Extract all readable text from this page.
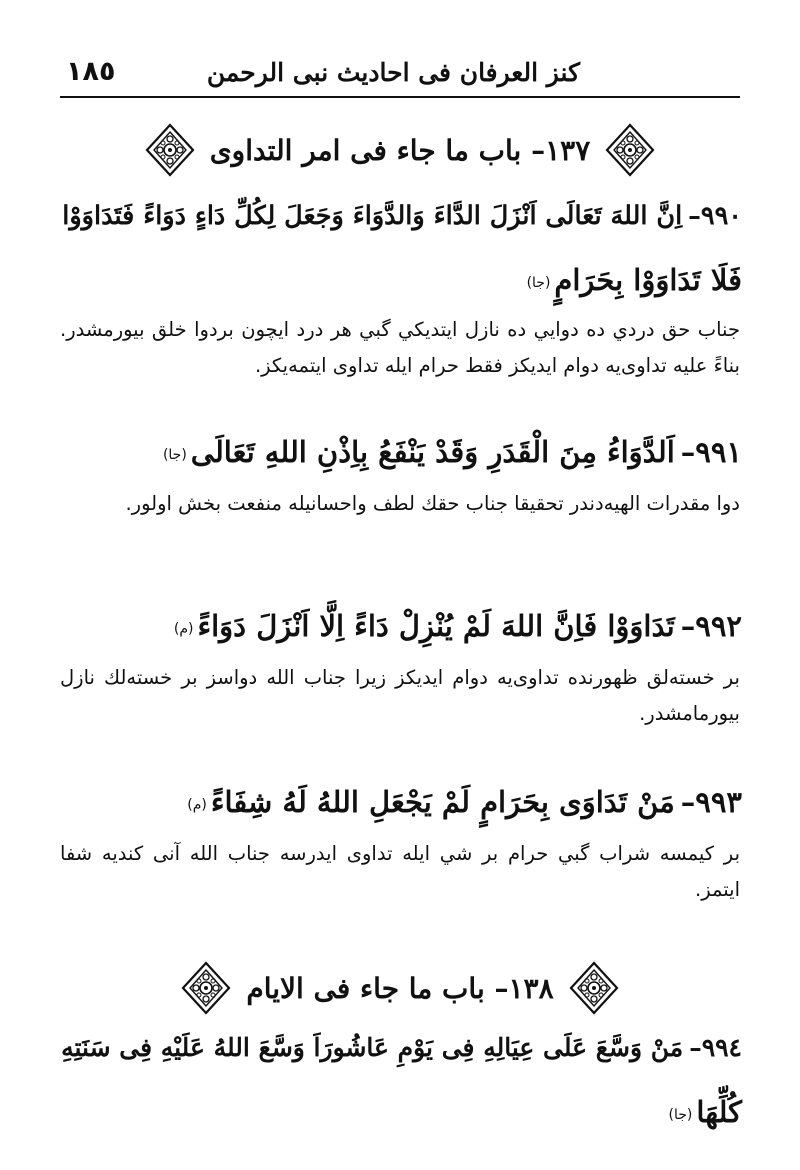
١٨٥	كنز العرفان فى احاديث نبى الرحمن
١٣٧– باب ما جاء فى امر التداوى
٩٩٠–اِنَّ اللهَ تَعَالَى اَنْزَلَ الدَّاءَ وَالدَّوَاءَ وَجَعَلَ لِكُلِّ دَاءٍ دَوَاءً فَتَدَاوَوْا
فَلَا تَدَاوَوْا بِحَرَامٍ(جا)
جناب حق دردي ده دوايي ده نازل ايتديكي گبي هر درد ايچون بردوا خلق بيورمشدر. بناءً عليه تداوى‌يه دوام ايديكز فقط حرام ايله تداوى ايتمه‌يكز.
٩٩١–اَلدَّوَاءُ مِنَ الْقَدَرِ وَقَدْ يَنْفَعُ بِاِذْنِ اللهِ تَعَالَى(جا)
دوا مقدرات الهيه‌دندر تحقيقا جناب حقك لطف واحسانيله منفعت بخش اولور.
٩٩٢–تَدَاوَوْا فَاِنَّ اللهَ لَمْ يُنْزِلْ دَاءً اِلَّا اَنْزَلَ دَوَاءً(م)
بر خسته‌لق ظهورنده تداوى‌يه دوام ايديكز زيرا جناب الله دواسز بر خسته‌لك نازل بيورمامشدر.
٩٩٣–مَنْ تَدَاوَى بِحَرَامٍ لَمْ يَجْعَلِ اللهُ لَهُ شِفَاءً(م)
بر كيمسه شراب گبي حرام بر شي ايله تداوى ايدرسه جناب الله آنى كنديه شفا ايتمز.
١٣٨– باب ما جاء فى الايام
٩٩٤–مَنْ وَسَّعَ عَلَى عِيَالِهِ فِى يَوْمِ عَاشُورَاَ وَسَّعَ اللهُ عَلَيْهِ فِى سَنَتِهِ
كُلِّهَا(جا)
